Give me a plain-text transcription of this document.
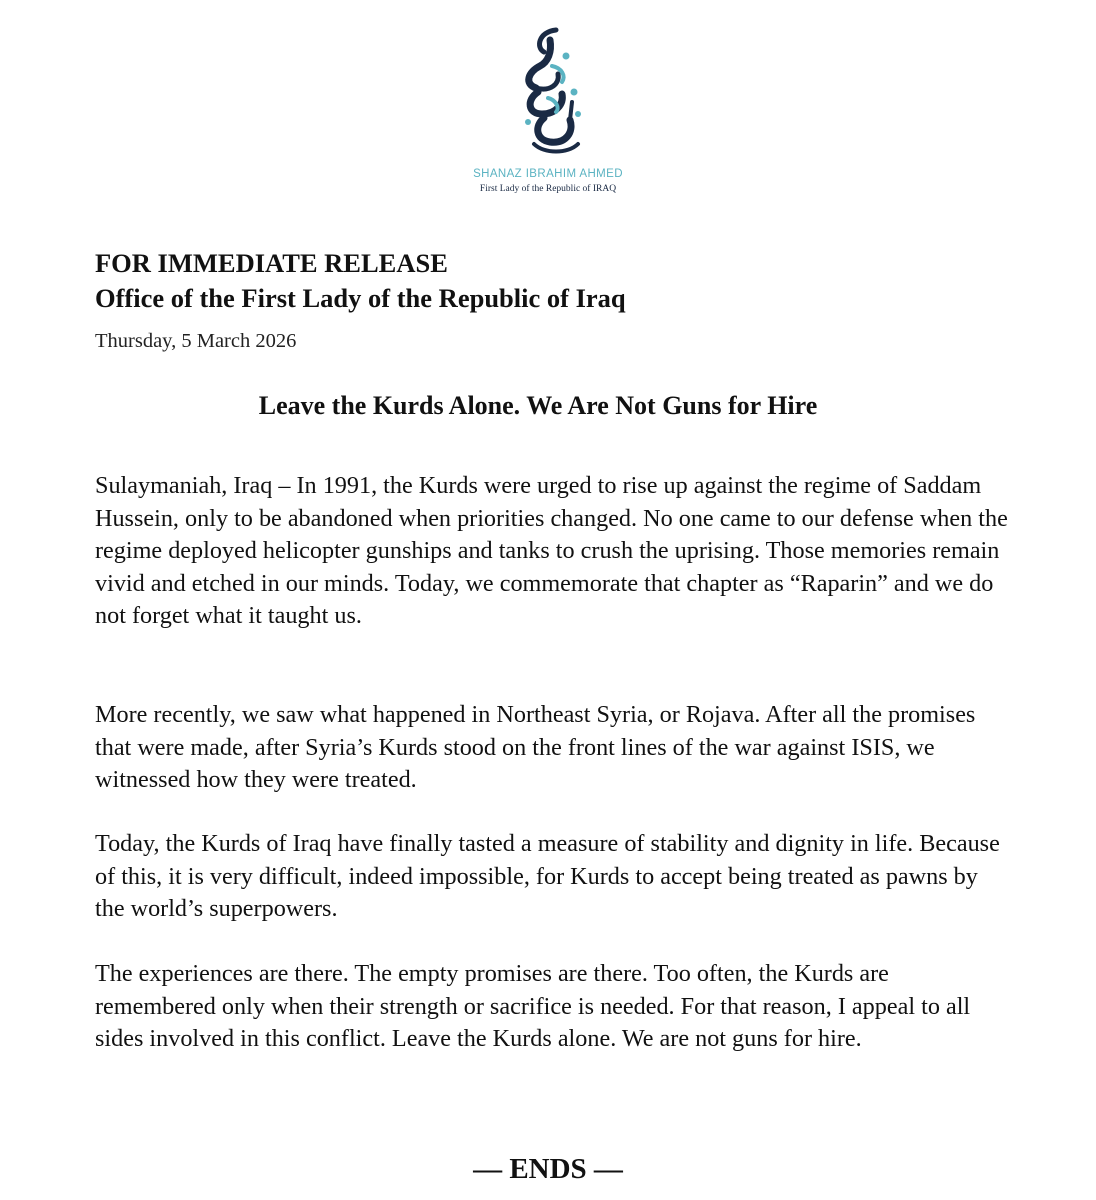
SHANAZ IBRAHIM AHMED
First Lady of the Republic of IRAQ
FOR IMMEDIATE RELEASE
Office of the First Lady of the Republic of Iraq
Thursday, 5 March 2026
Leave the Kurds Alone. We Are Not Guns for Hire

Sulaymaniah, Iraq – In 1991, the Kurds were urged to rise up against the regime of Saddam Hussein, only to be abandoned when priorities changed. No one came to our defense when the regime deployed helicopter gunships and tanks to crush the uprising. Those memories remain vivid and etched in our minds. Today, we commemorate that chapter as “Raparin” and we do not forget what it taught us.

More recently, we saw what happened in Northeast Syria, or Rojava. After all the promises that were made, after Syria’s Kurds stood on the front lines of the war against ISIS, we witnessed how they were treated.

Today, the Kurds of Iraq have finally tasted a measure of stability and dignity in life. Because of this, it is very difficult, indeed impossible, for Kurds to accept being treated as pawns by the world’s superpowers.

The experiences are there. The empty promises are there. Too often, the Kurds are remembered only when their strength or sacrifice is needed. For that reason, I appeal to all sides involved in this conflict. Leave the Kurds alone. We are not guns for hire.

— ENDS —
